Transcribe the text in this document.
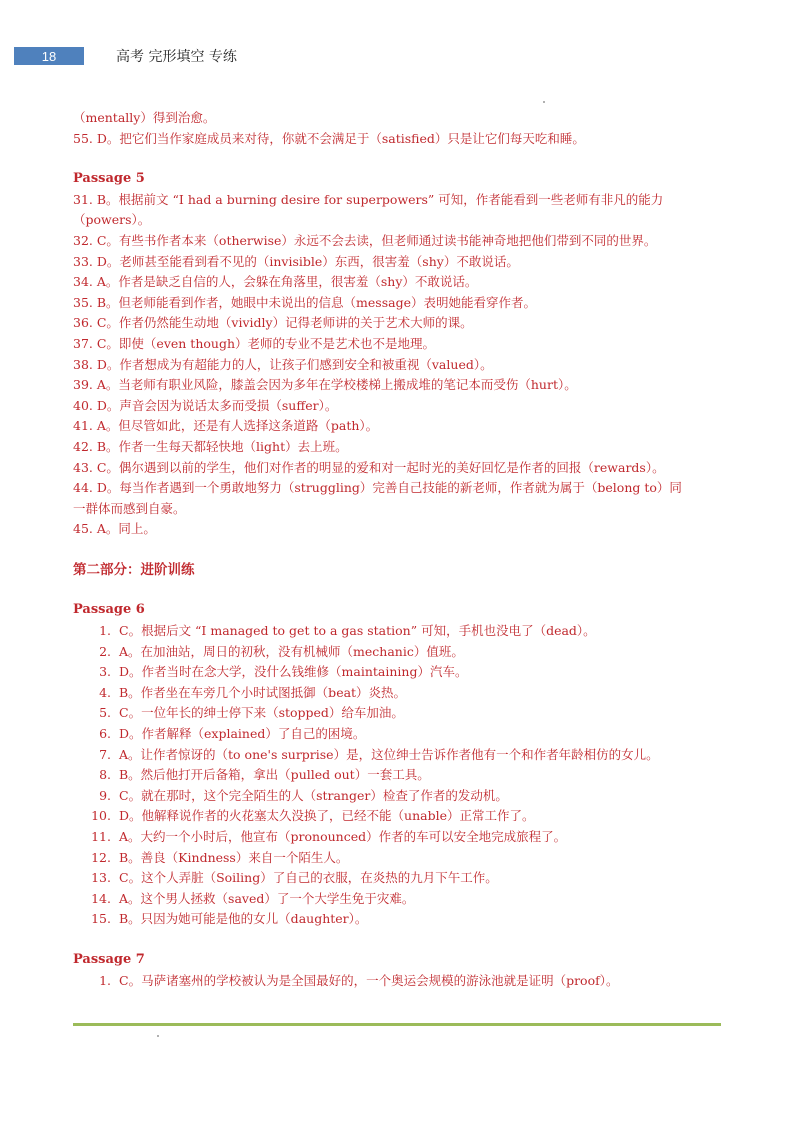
18	高考 完形填空 专练
（mentally）得到治愈。
55. D。把它们当作家庭成员来对待，你就不会满足于（satisfied）只是让它们每天吃和睡。
Passage 5
31. B。根据前文 “I had a burning desire for superpowers” 可知，作者能看到一些老师有非凡的能力
（powers）。
32. C。有些书作者本来（otherwise）永远不会去读，但老师通过读书能神奇地把他们带到不同的世界。
33. D。老师甚至能看到看不见的（invisible）东西，很害羞（shy）不敢说话。
34. A。作者是缺乏自信的人，会躲在角落里，很害羞（shy）不敢说话。
35. B。但老师能看到作者，她眼中未说出的信息（message）表明她能看穿作者。
36. C。作者仍然能生动地（vividly）记得老师讲的关于艺术大师的课。
37. C。即使（even though）老师的专业不是艺术也不是地理。
38. D。作者想成为有超能力的人，让孩子们感到安全和被重视（valued）。
39. A。当老师有职业风险，膝盖会因为多年在学校楼梯上搬成堆的笔记本而受伤（hurt）。
40. D。声音会因为说话太多而受损（suffer）。
41. A。但尽管如此，还是有人选择这条道路（path）。
42. B。作者一生每天都轻快地（light）去上班。
43. C。偶尔遇到以前的学生，他们对作者的明显的爱和对一起时光的美好回忆是作者的回报（rewards）。
44. D。每当作者遇到一个勇敢地努力（struggling）完善自己技能的新老师，作者就为属于（belong to）同
一群体而感到自豪。
45. A。同上。
第二部分：进阶训练
Passage 6
1. C。根据后文 “I managed to get to a gas station” 可知，手机也没电了（dead）。
2. A。在加油站，周日的初秋，没有机械师（mechanic）值班。
3. D。作者当时在念大学，没什么钱维修（maintaining）汽车。
4. B。作者坐在车旁几个小时试图抵御（beat）炎热。
5. C。一位年长的绅士停下来（stopped）给车加油。
6. D。作者解释（explained）了自己的困境。
7. A。让作者惊讶的（to one's surprise）是，这位绅士告诉作者他有一个和作者年龄相仿的女儿。
8. B。然后他打开后备箱，拿出（pulled out）一套工具。
9. C。就在那时，这个完全陌生的人（stranger）检查了作者的发动机。
10. D。他解释说作者的火花塞太久没换了，已经不能（unable）正常工作了。
11. A。大约一个小时后，他宣布（pronounced）作者的车可以安全地完成旅程了。
12. B。善良（Kindness）来自一个陌生人。
13. C。这个人弄脏（Soiling）了自己的衣服，在炎热的九月下午工作。
14. A。这个男人拯救（saved）了一个大学生免于灾难。
15. B。只因为她可能是他的女儿（daughter）。
Passage 7
1. C。马萨诸塞州的学校被认为是全国最好的，一个奥运会规模的游泳池就是证明（proof）。
